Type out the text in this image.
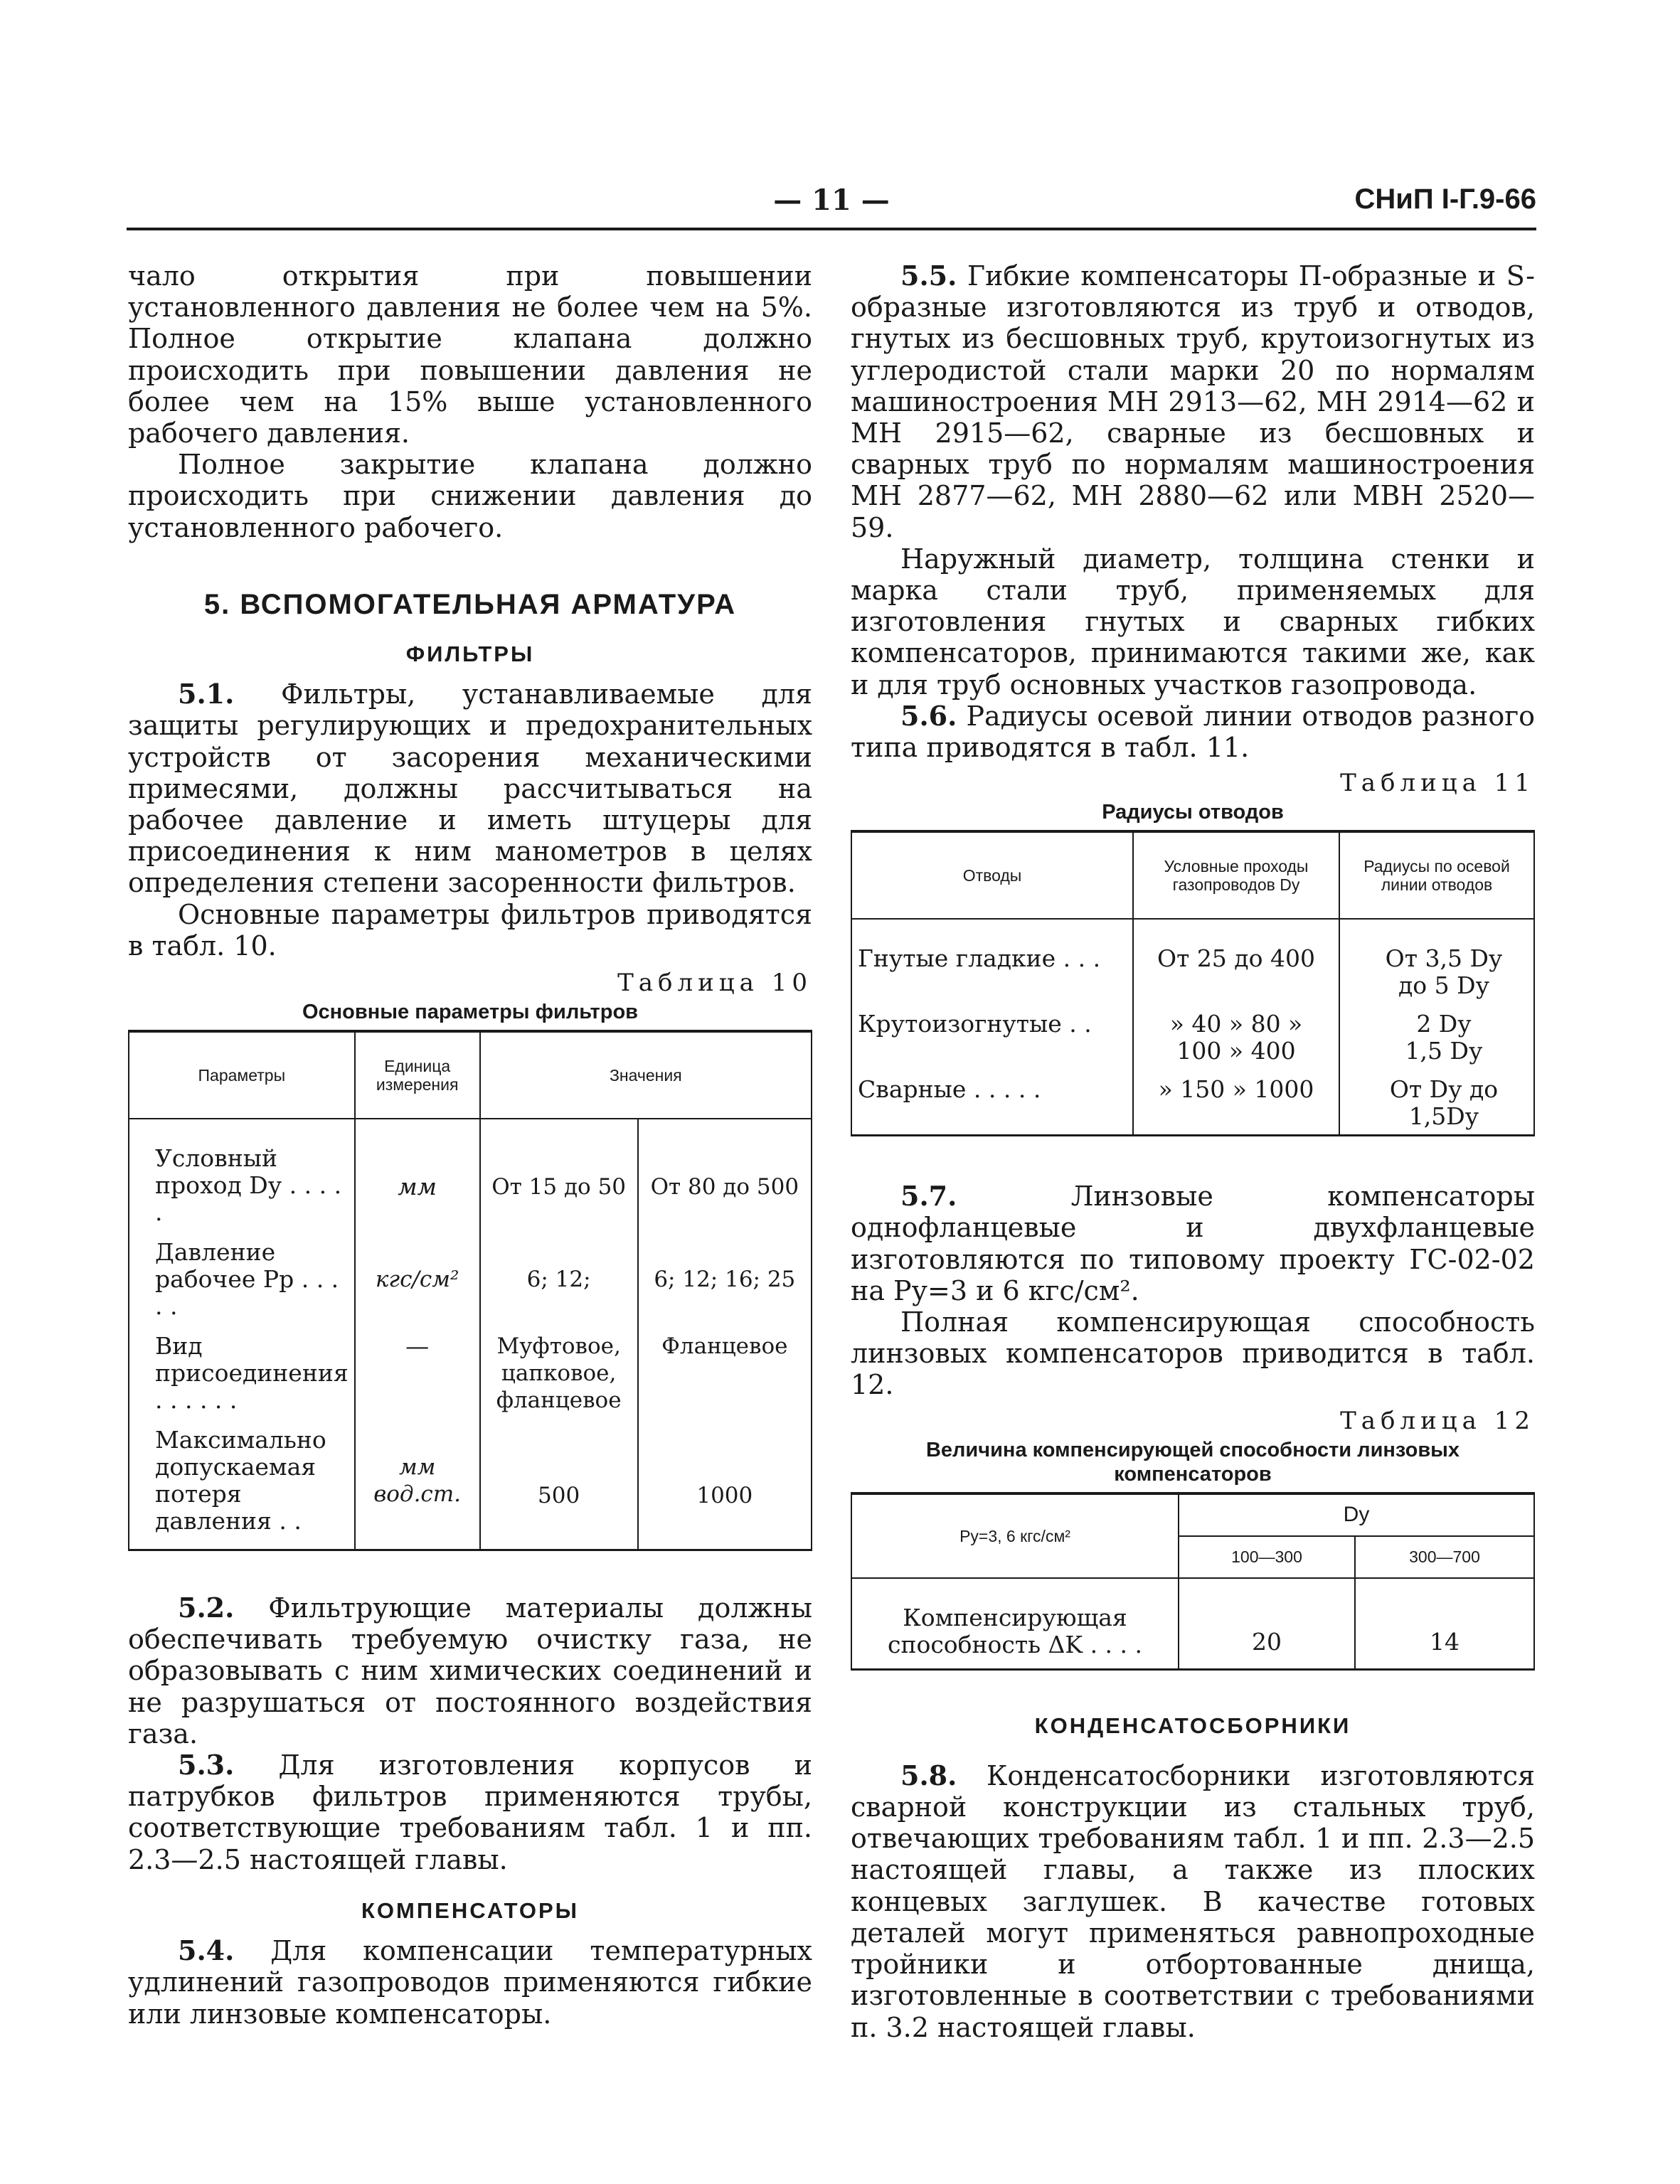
— 11 —	СНиП I-Г.9-66

чало открытия при повышении установленного давления не более чем на 5%. Полное открытие клапана должно происходить при повышении давления не более чем на 15% выше установленного рабочего давления.

Полное закрытие клапана должно происходить при снижении давления до установленного рабочего.

5. ВСПОМОГАТЕЛЬНАЯ АРМАТУРА
ФИЛЬТРЫ

5.1. Фильтры, устанавливаемые для защиты регулирующих и предохранительных устройств от засорения механическими примесями, должны рассчитываться на рабочее давление и иметь штуцеры для присоединения к ним манометров в целях определения степени засоренности фильтров.

Основные параметры фильтров приводятся в табл. 10.

Таблица 10
Основные параметры фильтров
Параметры	Единица измерения	Значения	
Условный проход Dу . . . . .	мм	От 15 до 50	От 80 до 500
Давление рабочее Pр . . . . .	кгс/см²	6; 12;	6; 12; 16; 25
Вид присоединения . . . . . .	—	Муфтовое, цапковое, фланцевое	Фланцевое
Максимально допускаемая потеря давления . .	мм вод.ст.	500	1000

5.2. Фильтрующие материалы должны обеспечивать требуемую очистку газа, не образовывать с ним химических соединений и не разрушаться от постоянного воздействия газа.

5.3. Для изготовления корпусов и патрубков фильтров применяются трубы, соответствующие требованиям табл. 1 и пп. 2.3—2.5 настоящей главы.

КОМПЕНСАТОРЫ

5.4. Для компенсации температурных удлинений газопроводов применяются гибкие или линзовые компенсаторы.

5.5. Гибкие компенсаторы П-образные и S-образные изготовляются из труб и отводов, гнутых из бесшовных труб, крутоизогнутых из углеродистой стали марки 20 по нормалям машиностроения МН 2913—62, МН 2914—62 и МН 2915—62, сварные из бесшовных и сварных труб по нормалям машиностроения МН 2877—62, МН 2880—62 или МВН 2520—59.

Наружный диаметр, толщина стенки и марка стали труб, применяемых для изготовления гнутых и сварных гибких компенсаторов, принимаются такими же, как и для труб основных участков газопровода.

5.6. Радиусы осевой линии отводов разного типа приводятся в табл. 11.

Таблица 11
Радиусы отводов
Отводы	Условные проходы газопроводов Dу	Радиусы по осевой линии отводов
Гнутые гладкие . . .	От 25 до 400	От 3,5 Dу до 5 Dу
Крутоизогнутые . .	» 40 » 80 » 100 » 400	2 Dу 1,5 Dу
Сварные . . . . .	» 150 » 1000	От Dу до 1,5Dу

5.7.	Линзовые компенсаторы однофланцевые и двухфланцевые изготовляются по типовому проекту ГС-02-02 на Pу=3 и 6 кгс/см².

Полная компенсирующая способность линзовых компенсаторов приводится в табл. 12.

Таблица 12
Величина компенсирующей способности линзовых компенсаторов
Pу=3, 6 кгс/см²	Dу	
	100—300	300—700
Компенсирующая способность ΔK . . . .	20	14
КОНДЕНСАТОСБОРНИКИ

5.8. Конденсатосборники изготовляются сварной конструкции из стальных труб, отвечающих требованиям табл. 1 и пп. 2.3—2.5 настоящей главы, а также из плоских концевых заглушек. В качестве готовых деталей могут применяться равнопроходные тройники и отбортованные днища, изготовленные в соответствии с требованиями п. 3.2 настоящей главы.
